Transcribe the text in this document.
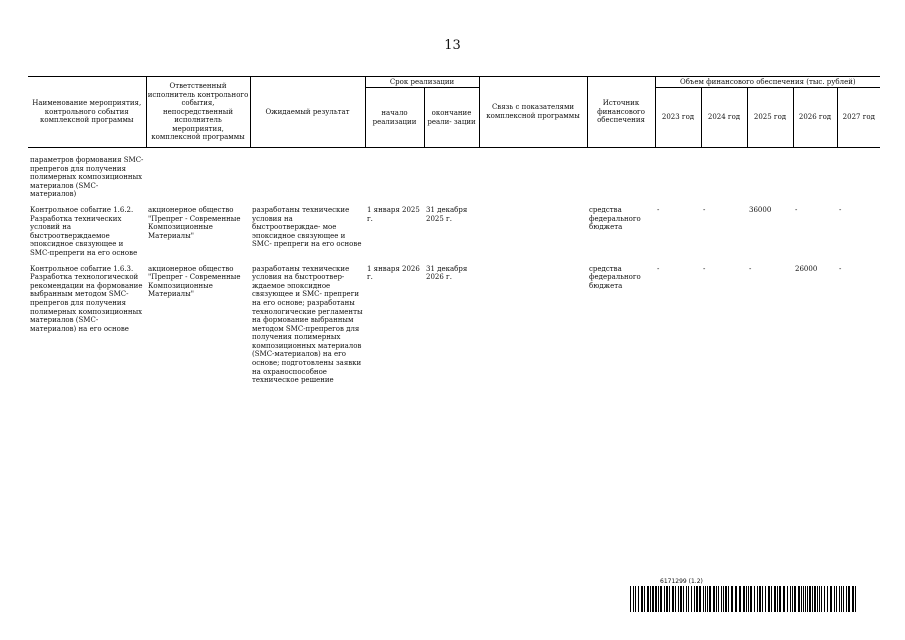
13
Наименование мероприятия, контрольного события комплексной программы	Ответственный исполнитель контрольного события, непосредственный исполнитель мероприятия, комплексной программы	Ожидаемый результат	Срок реализации		Связь с показателями комплексной программы	Источник финансового обеспечения	Объем финансового обеспечения (тыс. рублей)				
			начало реализации	окончание реали- зации			2023 год	2024 год	2025 год	2026 год	2027 год

параметров формования SMC-препрегов для получения полимерных композиционных материалов (SMC-материалов)											

Контрольное событие 1.6.2. Разработка технических условий на быстроотверждаемое эпоксидное связующее и SMC-препреги на его основе	акционерное общество "Препрег - Современные Композиционные Материалы"	разработаны технические условия на быстроотверждае- мое эпоксидное связующее и SMC- препреги на его основе	1 января 2025 г.	31 декабря 2025 г.		средства федерального бюджета	-	-	36000	-	-

Контрольное событие 1.6.3. Разработка технологической рекомендации на формование выбранным методом SMC-препрегов для получения полимерных композиционных материалов (SMC-материалов) на его основе	акционерное общество "Препрег - Современные Композиционные Материалы"	разработаны технические условия на быстроотвер- ждаемое эпоксидное связующее и SMC- препреги на его основе; разработаны технологические регламенты на формование выбранным методом SMC-препрегов для получения полимерных композиционных материалов (SMC-материалов) на его основе; подготовлены заявки на охраноспособное техническое решение	1 января 2026 г.	31 декабря 2026 г.		средства федерального бюджета	-	-	-	26000	-
6171299 (1.2)
